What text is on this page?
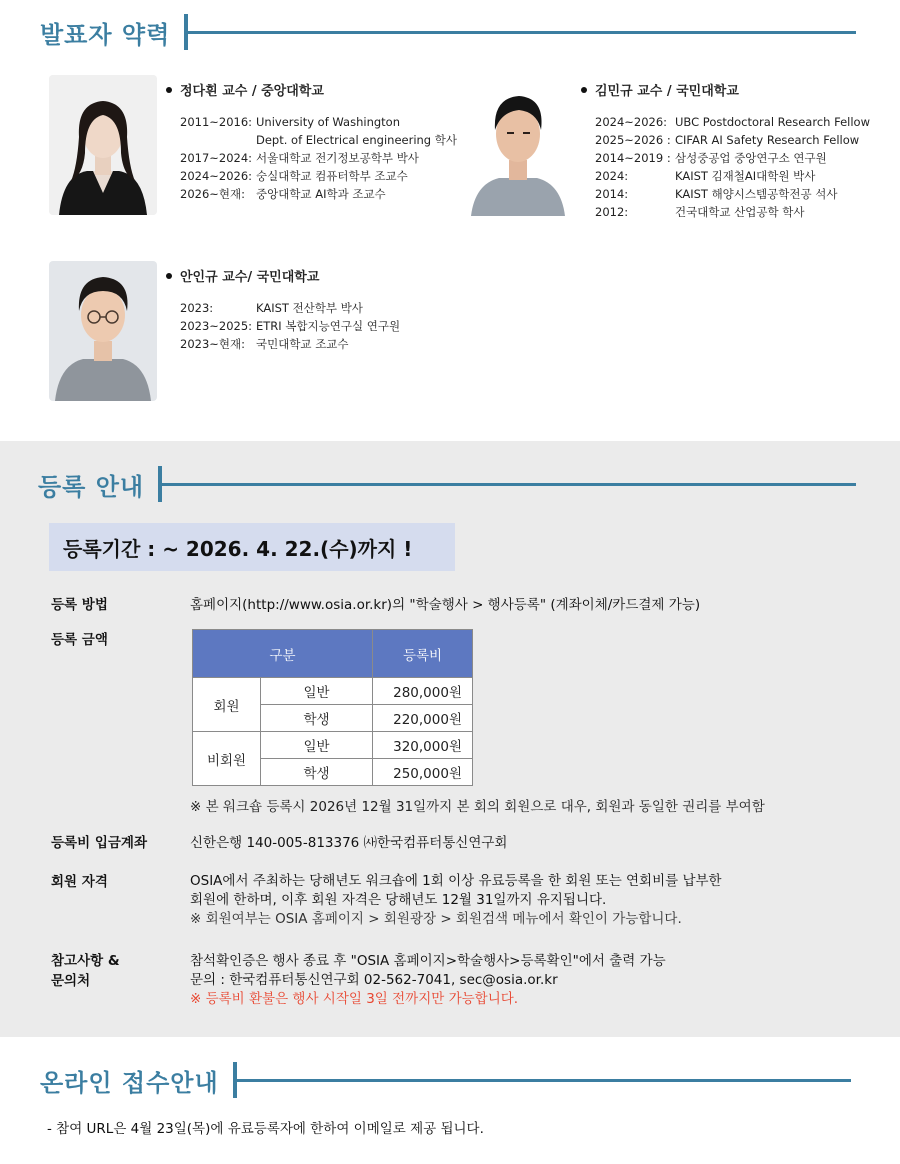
발표자 약력
정다흰 교수 / 중앙대학교
2011~2016: University of Washington
Dept. of Electrical engineering 학사
2017~2024: 서울대학교 전기정보공학부 박사
2024~2026: 숭실대학교 컴퓨터학부 조교수
2026~현재: 중앙대학교 AI학과 조교수
김민규 교수 / 국민대학교
2024~2026: UBC Postdoctoral Research Fellow
2025~2026 : CIFAR AI Safety Research Fellow
2014~2019 : 삼성중공업 중앙연구소 연구원
2024:	KAIST 김재철AI대학원 박사
2014:	KAIST 해양시스템공학전공 석사
2012:	건국대학교 산업공학 학사
안인규 교수/ 국민대학교
2023:	KAIST 전산학부 박사
2023~2025: ETRI 복합지능연구실 연구원
2023~현재: 국민대학교 조교수
등록 안내
등록기간 : ~ 2026. 4. 22.(수)까지 !
등록 방법	홈페이지(http://www.osia.or.kr)의 "학술행사 > 행사등록" (계좌이체/카드결제 가능)
등록 금액
구분		등록비
회원	일반	280,000원
	학생	220,000원
비회원	일반	320,000원
	학생	250,000원
※ 본 워크숍 등록시 2026년 12월 31일까지 본 회의 회원으로 대우, 회원과 동일한 권리를 부여함
등록비 입금계좌	신한은행 140-005-813376 ㈔한국컴퓨터통신연구회
회원 자격	OSIA에서 주최하는 당해년도 워크숍에 1회 이상 유료등록을 한 회원 또는 연회비를 납부한
회원에 한하며, 이후 회원 자격은 당해년도 12월 31일까지 유지됩니다.
※ 회원여부는 OSIA 홈페이지 > 회원광장 > 회원검색 메뉴에서 확인이 가능합니다.
참고사항 &
문의처
참석확인증은 행사 종료 후 "OSIA 홈페이지>학술행사>등록확인"에서 출력 가능
문의 : 한국컴퓨터통신연구회 02-562-7041, sec@osia.or.kr
※ 등록비 환불은 행사 시작일 3일 전까지만 가능합니다.
온라인 접수안내
- 참여 URL은 4월 23일(목)에 유료등록자에 한하여 이메일로 제공 됩니다.
